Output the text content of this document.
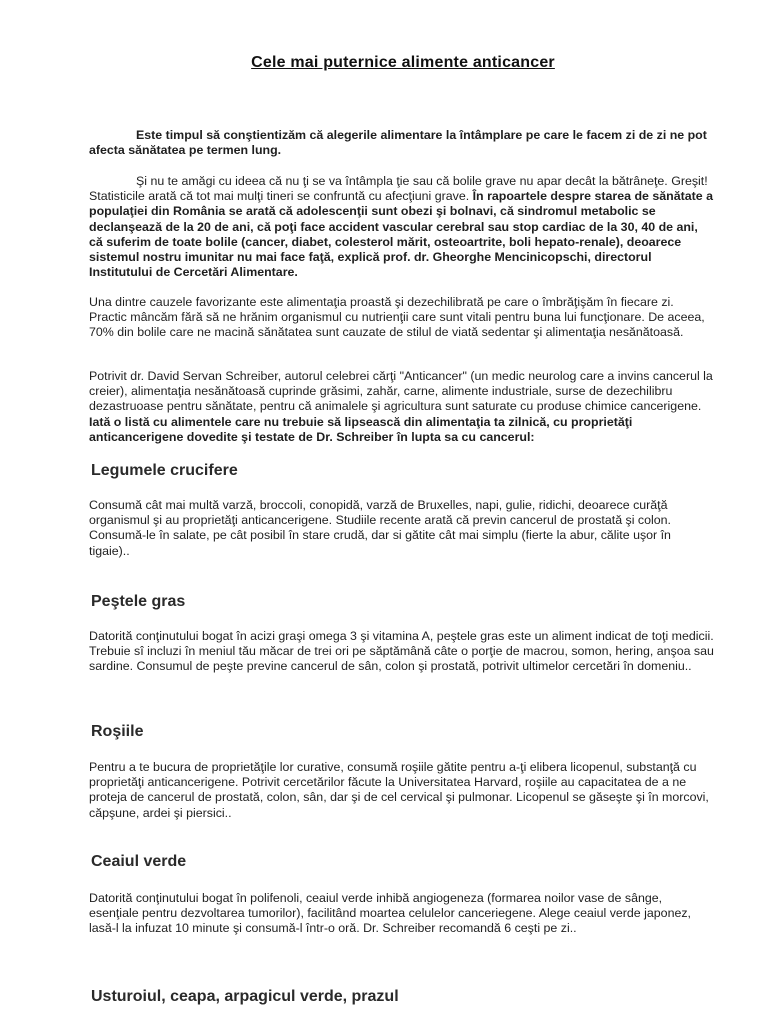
Cele mai puternice alimente anticancer

Este timpul să conştientizăm că alegerile alimentare la întâmplare pe care le facem zi de zi ne pot afecta sănătatea pe termen lung.

Şi nu te amăgi cu ideea că nu ţi se va întâmpla ţie sau că bolile grave nu apar decât la bătrâneţe. Greşit! Statisticile arată că tot mai mulţi tineri se confruntă cu afecţiuni grave. În rapoartele despre starea de sănătate a populaţiei din România se arată că adolescenţii sunt obezi şi bolnavi, că sindromul metabolic se declanşează de la 20 de ani, că poţi face accident vascular cerebral sau stop cardiac de la 30, 40 de ani, că suferim de toate bolile (cancer, diabet, colesterol mărit, osteoartrite, boli hepato-renale), deoarece sistemul nostru imunitar nu mai face faţă, explică prof. dr. Gheorghe Mencinicopschi, directorul Institutului de Cercetări Alimentare.

Una dintre cauzele favorizante este alimentaţia proastă şi dezechilibrată pe care o îmbrăţişăm în fiecare zi. Practic mâncăm fără să ne hrănim organismul cu nutrienţii care sunt vitali pentru buna lui funcţionare. De aceea, 70% din bolile care ne macină sănătatea sunt cauzate de stilul de viată sedentar şi alimentaţia nesănătoasă.

Potrivit dr. David Servan Schreiber, autorul celebrei cărţi "Anticancer" (un medic neurolog care a invins cancerul la creier), alimentaţia nesănătoasă cuprinde grăsimi, zahăr, carne, alimente industriale, surse de dezechilibru dezastruoase pentru sănătate, pentru că animalele şi agricultura sunt saturate cu produse chimice cancerigene. Iată o listă cu alimentele care nu trebuie să lipsească din alimentaţia ta zilnică, cu proprietăţi anticancerigene dovedite şi testate de Dr. Schreiber în lupta sa cu cancerul:

Legumele crucifere

Consumă cât mai multă varză, broccoli, conopidă, varză de Bruxelles, napi, gulie, ridichi, deoarece curăţă organismul şi au proprietăţi anticancerigene. Studiile recente arată că previn cancerul de prostată şi colon. Consumă-le în salate, pe cât posibil în stare crudă, dar si gătite cât mai simplu (fierte la abur, călite uşor în tigaie)..

Peştele gras

Datorită conţinutului bogat în acizi graşi omega 3 şi vitamina A, peştele gras este un aliment indicat de toţi medicii. Trebuie sî incluzi în meniul tău măcar de trei ori pe săptămână câte o porţie de macrou, somon, hering, anşoa sau sardine. Consumul de peşte previne cancerul de sân, colon şi prostată, potrivit ultimelor cercetări în domeniu..

Roşiile

Pentru a te bucura de proprietăţile lor curative, consumă roşiile gătite pentru a-ţi elibera licopenul, substanţă cu proprietăţi anticancerigene. Potrivit cercetărilor făcute la Universitatea Harvard, roşiile au capacitatea de a ne proteja de cancerul de prostată, colon, sân, dar şi de cel cervical şi pulmonar. Licopenul se găseşte şi în morcovi, căpşune, ardei şi piersici..

Ceaiul verde

Datorită conţinutului bogat în polifenoli, ceaiul verde inhibă angiogeneza (formarea noilor vase de sânge, esenţiale pentru dezvoltarea tumorilor), facilitând moartea celulelor canceriegene. Alege ceaiul verde japonez, lasă-l la infuzat 10 minute şi consumă-l într-o oră. Dr. Schreiber recomandă 6 ceşti pe zi..

Usturoiul, ceapa, arpagicul verde, prazul
